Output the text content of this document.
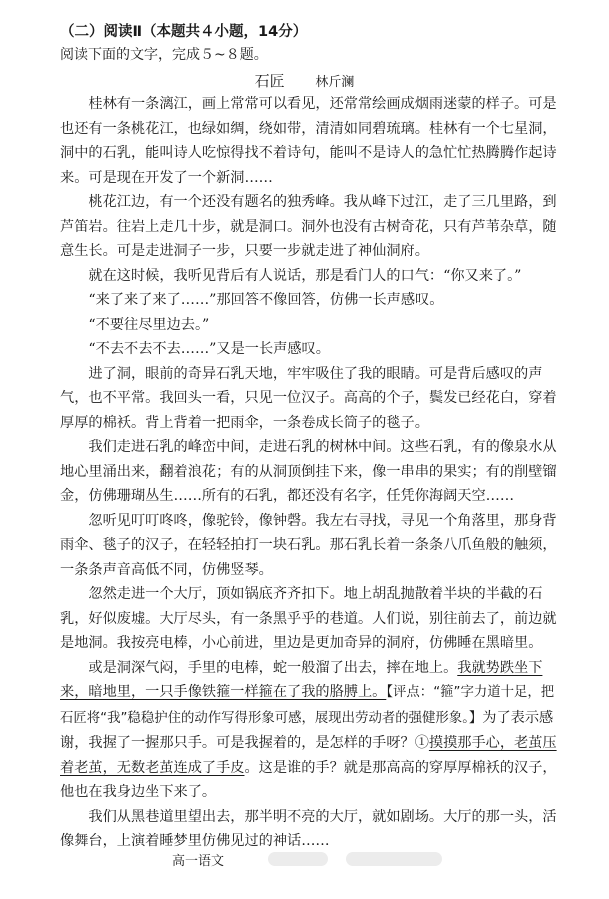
（二）阅读Ⅱ（本题共４小题，14分）
阅读下面的文字，完成５~８题。
石匠 林斤澜

桂林有一条漓江，画上常常可以看见，还常常绘画成烟雨迷蒙的样子。可是也还有一条桃花江，也绿如绸，绕如带，清清如同碧琉璃。桂林有一个七星洞，洞中的石乳，能叫诗人吃惊得找不着诗句，能叫不是诗人的急忙忙热腾腾作起诗来。可是现在开发了一个新洞……

桃花江边，有一个还没有题名的独秀峰。我从峰下过江，走了三几里路，到芦笛岩。往岩上走几十步，就是洞口。洞外也没有古树奇花，只有芦苇杂草，随意生长。可是走进洞子一步，只要一步就走进了神仙洞府。

就在这时候，我听见背后有人说话，那是看门人的口气：“你又来了。”

“来了来了来了……”那回答不像回答，仿佛一长声感叹。

“不要往尽里边去。”

“不去不去不去……”又是一长声感叹。

进了洞，眼前的奇异石乳天地，牢牢吸住了我的眼睛。可是背后感叹的声气，也不平常。我回头一看，只见一位汉子。高高的个子，鬓发已经花白，穿着厚厚的棉袄。背上背着一把雨伞，一条卷成长筒子的毯子。

我们走进石乳的峰峦中间，走进石乳的树林中间。这些石乳，有的像泉水从地心里涌出来，翻着浪花；有的从洞顶倒挂下来，像一串串的果实；有的削壁镏金，仿佛珊瑚丛生……所有的石乳，都还没有名字，任凭你海阔天空……

忽听见叮叮咚咚，像驼铃，像钟磬。我左右寻找，寻见一个角落里，那身背雨伞、毯子的汉子，在轻轻拍打一块石乳。那石乳长着一条条八爪鱼般的触须，一条条声音高低不同，仿佛竖琴。

忽然走进一个大厅，顶如锅底齐齐扣下。地上胡乱抛散着半块的半截的石乳，好似废墟。大厅尽头，有一条黑乎乎的巷道。人们说，别往前去了，前边就是地洞。我按亮电棒，小心前进，里边是更加奇异的洞府，仿佛睡在黑暗里。

或是洞深气闷，手里的电棒，蛇一般溜了出去，摔在地上。我就势跌坐下来，暗地里，一只手像铁箍一样箍在了我的胳膊上。【评点：“箍”字力道十足，把石匠将“我”稳稳护住的动作写得形象可感，展现出劳动者的强健形象。】为了表示感谢，我握了一握那只手。可是我握着的，是怎样的手呀？①摸摸那手心，老茧压着老茧，无数老茧连成了手皮。这是谁的手？就是那高高的穿厚厚棉袄的汉子，他也在我身边坐下来了。

我们从黑巷道里望出去，那半明不亮的大厅，就如剧场。大厅的那一头，活像舞台，上演着睡梦里仿佛见过的神话……

高一语文
